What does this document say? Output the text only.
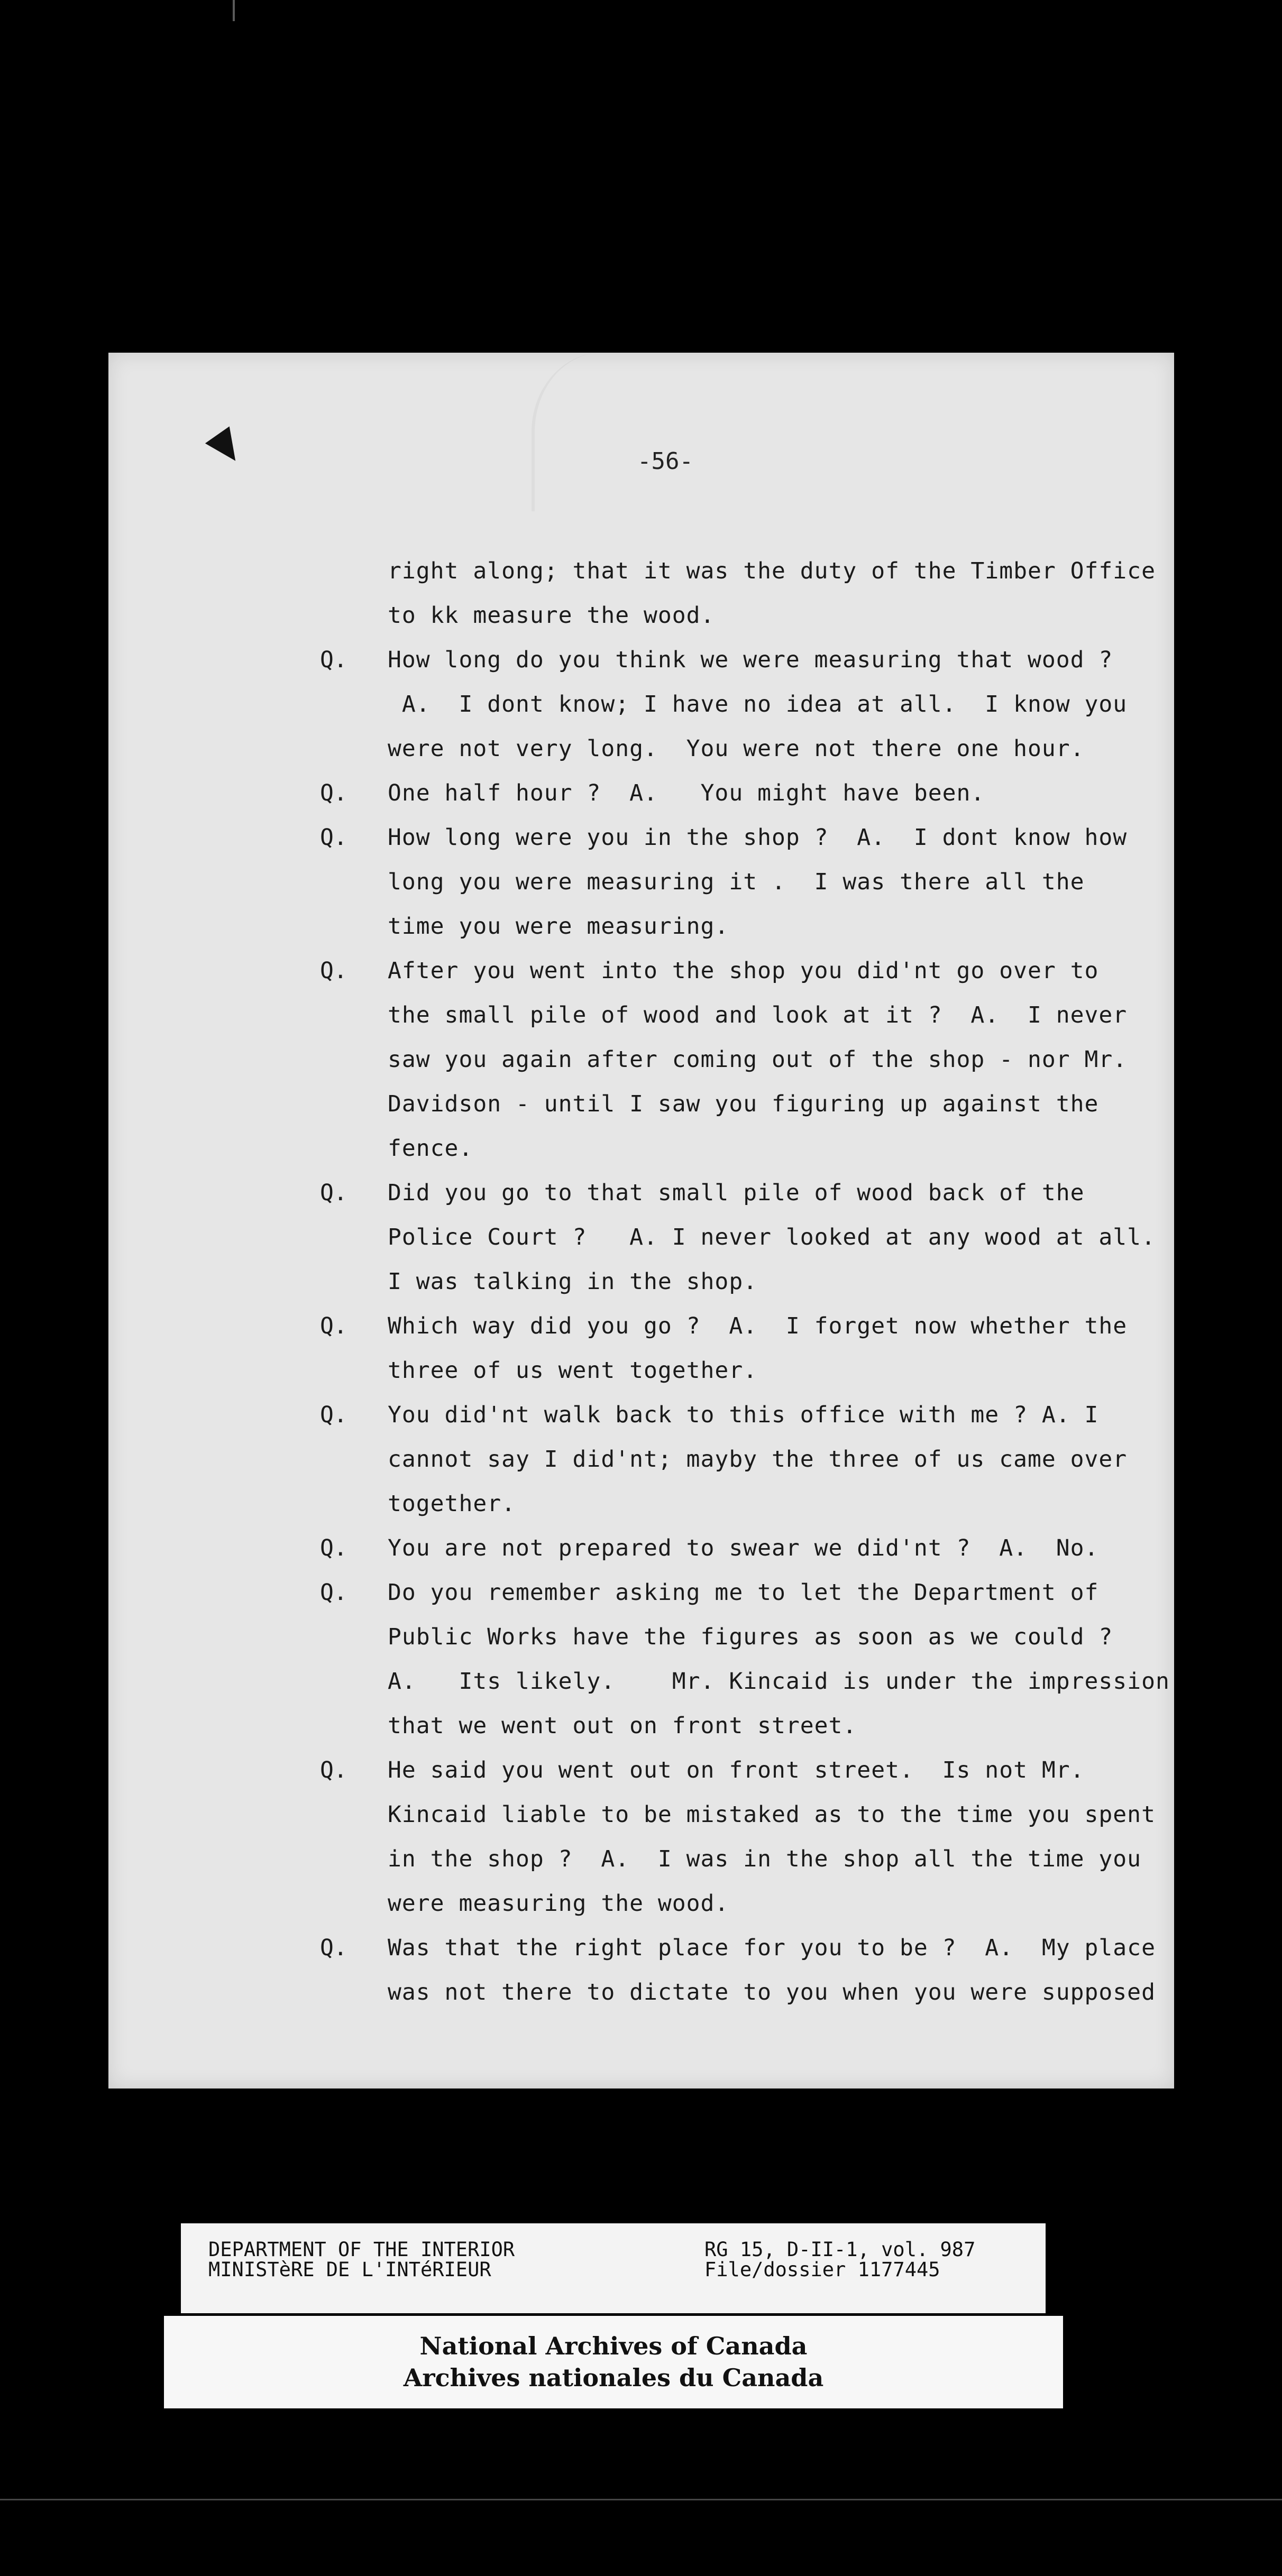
-56-
right along; that it was the duty of the Timber Office
to kk measure the wood.
Q. How long do you think we were measuring that wood ?
A.  I dont know; I have no idea at all.  I know you
were not very long.  You were not there one hour.
Q. One half hour ?  A.   You might have been.
Q. How long were you in the shop ?  A.  I dont know how
long you were measuring it .  I was there all the
time you were measuring.
Q. After you went into the shop you did'nt go over to
the small pile of wood and look at it ?  A.  I never
saw you again after coming out of the shop - nor Mr.
Davidson - until I saw you figuring up against the
fence.
Q. Did you go to that small pile of wood back of the
Police Court ?   A. I never looked at any wood at all.
I was talking in the shop.
Q. Which way did you go ?  A.  I forget now whether the
three of us went together.
Q. You did'nt walk back to this office with me ? A. I
cannot say I did'nt; mayby the three of us came over
together.
Q. You are not prepared to swear we did'nt ?  A.  No.
Q. Do you remember asking me to let the Department of
Public Works have the figures as soon as we could ?
A.   Its likely.    Mr. Kincaid is under the impression
that we went out on front street.
Q. He said you went out on front street.  Is not Mr.
Kincaid liable to be mistaked as to the time you spent
in the shop ?  A.  I was in the shop all the time you
were measuring the wood.
Q. Was that the right place for you to be ?  A.  My place
was not there to dictate to you when you were supposed
DEPARTMENT OF THE INTERIOR
MINISTèRE DE L'INTéRIEUR
RG 15, D-II-1, vol. 987
File/dossier 1177445
National Archives of Canada
Archives nationales du Canada
